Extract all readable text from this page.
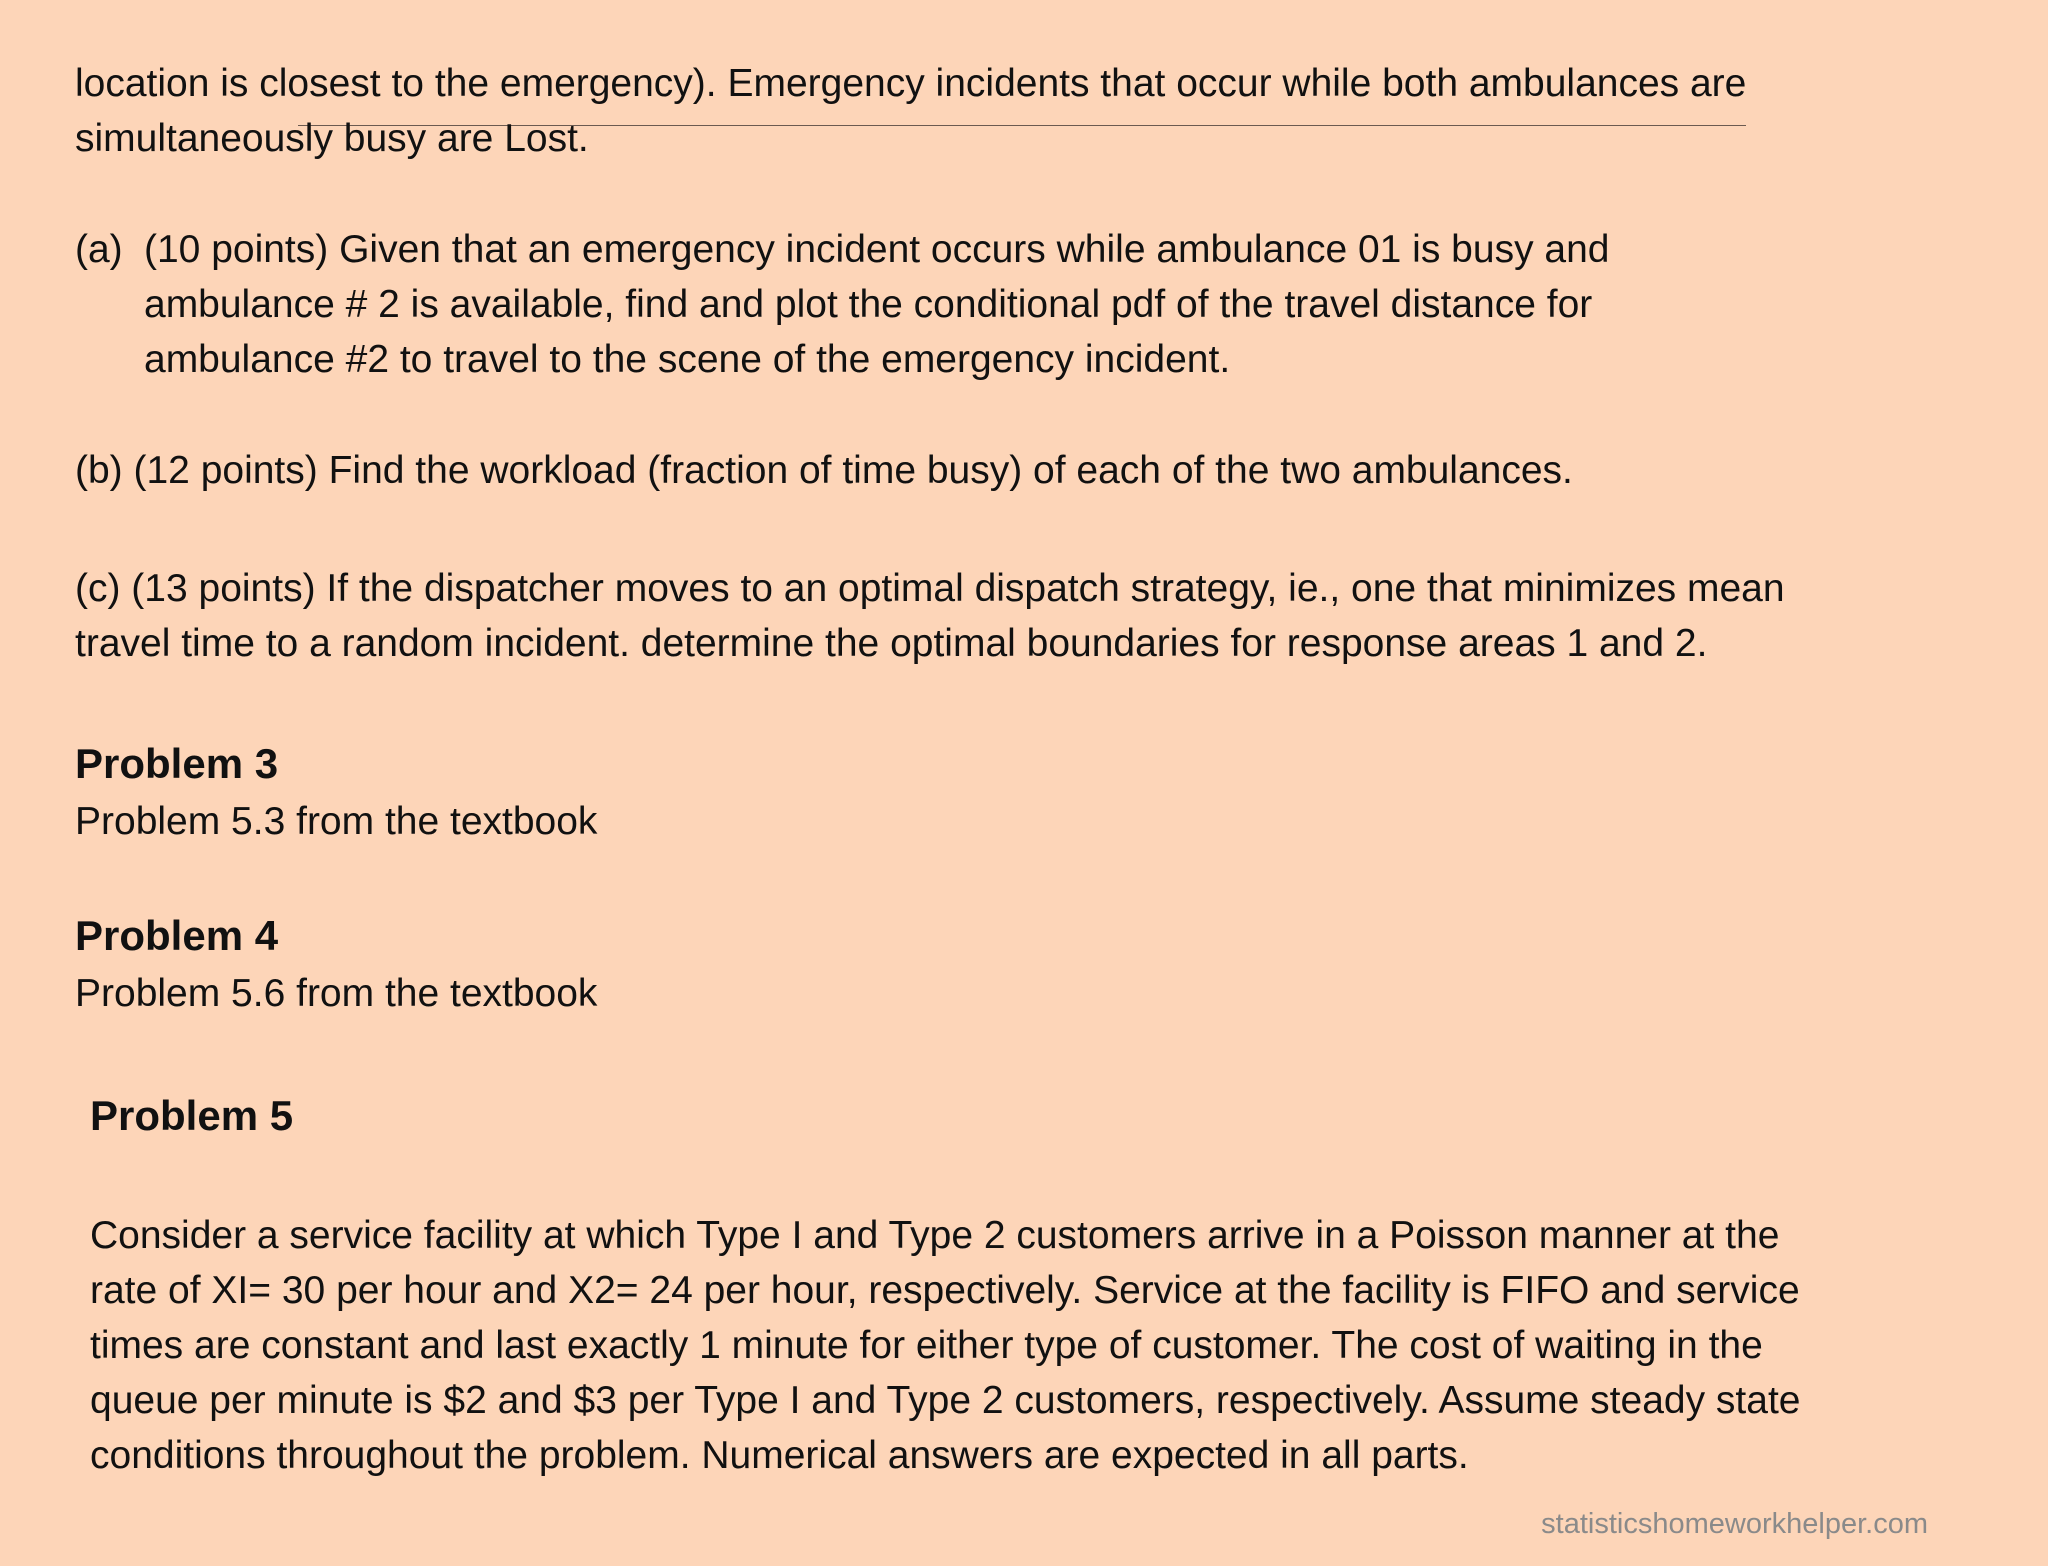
location is closest to the emergency). Emergency incidents that occur while both ambulances are

simultaneously busy are Lost.

(a) (10 points) Given that an emergency incident occurs while ambulance 01 is busy and

ambulance # 2 is available, find and plot the conditional pdf of the travel distance for

ambulance #2 to travel to the scene of the emergency incident.

(b) (12 points) Find the workload (fraction of time busy) of each of the two ambulances.

(c) (13 points) If the dispatcher moves to an optimal dispatch strategy, ie., one that minimizes mean

travel time to a random incident. determine the optimal boundaries for response areas 1 and 2.

Problem 3

Problem 5.3 from the textbook

Problem 4

Problem 5.6 from the textbook

Problem 5

Consider a service facility at which Type I and Type 2 customers arrive in a Poisson manner at the

rate of XI= 30 per hour and X2= 24 per hour, respectively. Service at the facility is FIFO and service

times are constant and last exactly 1 minute for either type of customer. The cost of waiting in the

queue per minute is $2 and $3 per Type I and Type 2 customers, respectively. Assume steady state

conditions throughout the problem. Numerical answers are expected in all parts.

statisticshomeworkhelper.com
